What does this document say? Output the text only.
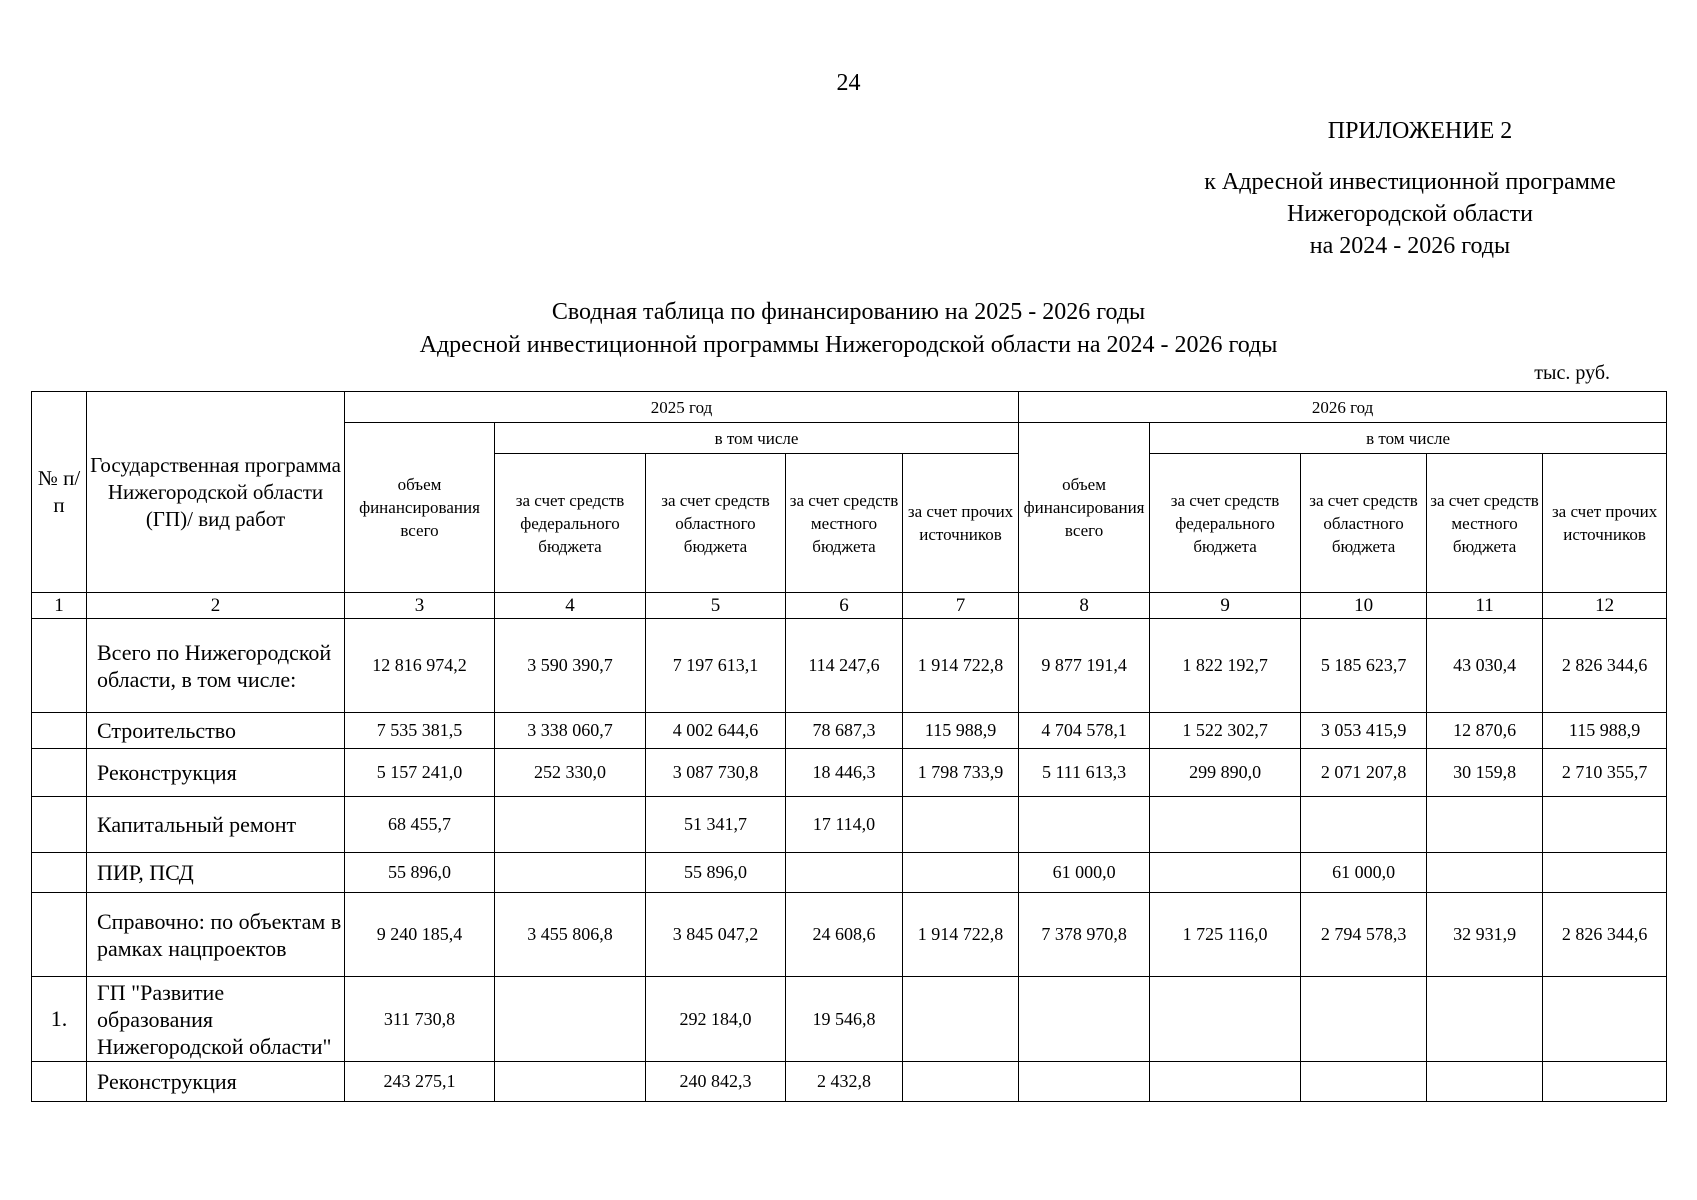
24
ПРИЛОЖЕНИЕ 2
к Адресной инвестиционной программе
Нижегородской области
на 2024 - 2026 годы
Сводная таблица по финансированию на 2025 - 2026 годы
Адресной инвестиционной программы Нижегородской области на 2024 - 2026 годы
тыс. руб.
№ п/п	Государственная программа Нижегородской области (ГП)/ вид работ	2025 год					2026 год				
		объем финансирования всего	в том числе				объем финансирования всего	в том числе			
			за счет средств федерального бюджета	за счет средств областного бюджета	за счет средств местного бюджета	за счет прочих источников		за счет средств федерального бюджета	за счет средств областного бюджета	за счет средств местного бюджета	за счет прочих источников
1	2	3	4	5	6	7	8	9	10	11	12
	Всего по Нижегородской области, в том числе:	12 816 974,2	3 590 390,7	7 197 613,1	114 247,6	1 914 722,8	9 877 191,4	1 822 192,7	5 185 623,7	43 030,4	2 826 344,6
	Строительство	7 535 381,5	3 338 060,7	4 002 644,6	78 687,3	115 988,9	4 704 578,1	1 522 302,7	3 053 415,9	12 870,6	115 988,9
	Реконструкция	5 157 241,0	252 330,0	3 087 730,8	18 446,3	1 798 733,9	5 111 613,3	299 890,0	2 071 207,8	30 159,8	2 710 355,7
	Капитальный ремонт	68 455,7		51 341,7	17 114,0						
	ПИР, ПСД	55 896,0		55 896,0			61 000,0		61 000,0		
	Справочно: по объектам в рамках нацпроектов	9 240 185,4	3 455 806,8	3 845 047,2	24 608,6	1 914 722,8	7 378 970,8	1 725 116,0	2 794 578,3	32 931,9	2 826 344,6
1.	ГП "Развитие образования Нижегородской области"	311 730,8		292 184,0	19 546,8						
	Реконструкция	243 275,1		240 842,3	2 432,8						
